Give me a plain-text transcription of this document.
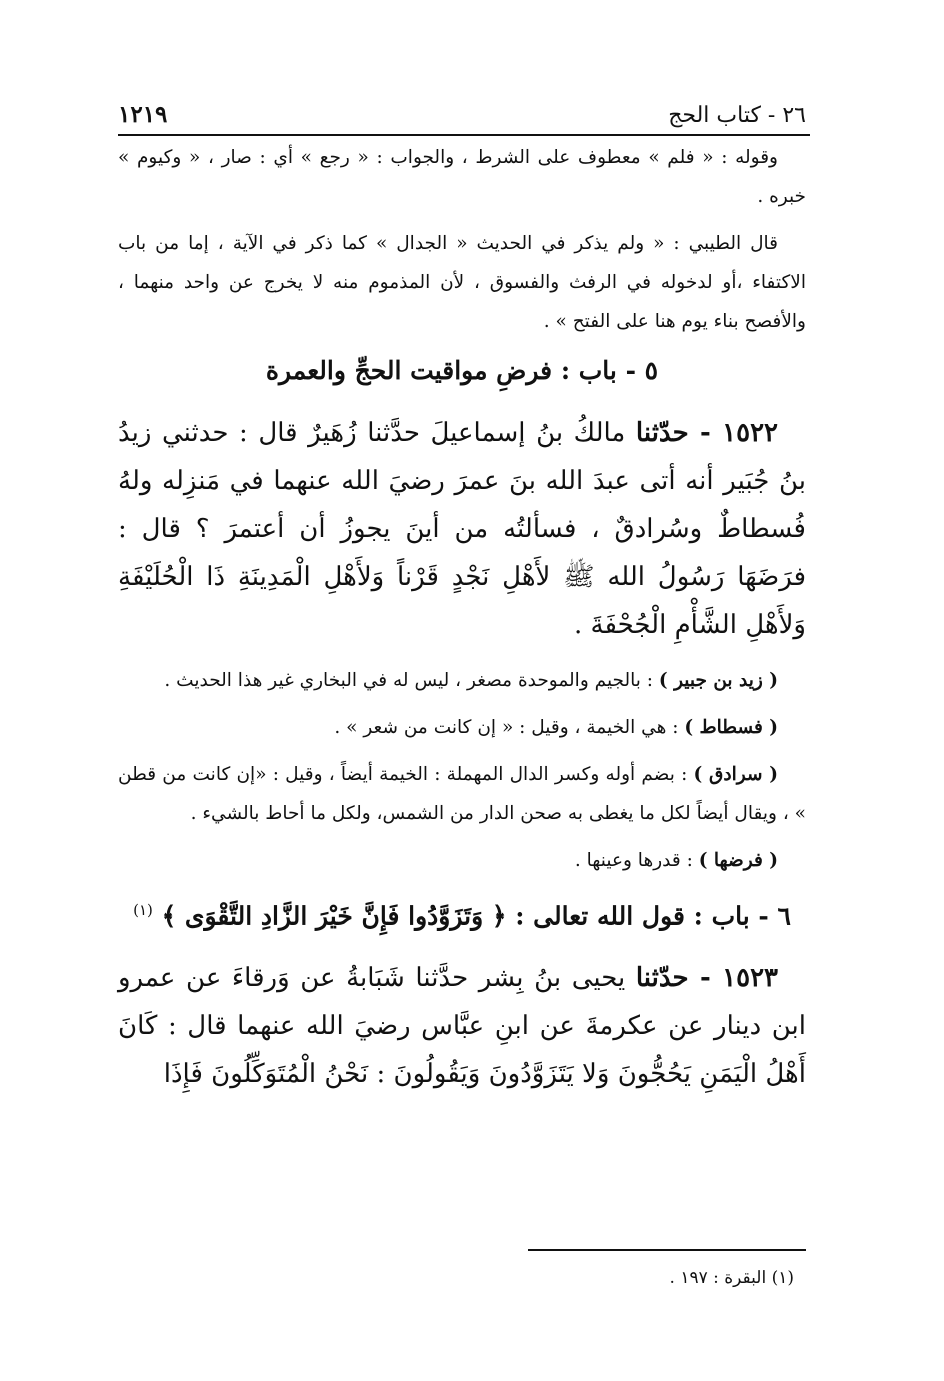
٢٦ - كتاب الحج
١٢١٩

وقوله : « فلم » معطوف على الشرط ، والجواب : « رجع » أي : صار ، « وكيوم » خبره .

قال الطيبي : « ولم يذكر في الحديث « الجدال » كما ذكر في الآية ، إما من باب الاكتفاء ،أو لدخوله في الرفث والفسوق ، لأن المذموم منه لا يخرج عن واحد منهما ، والأفصح بناء يوم هنا على الفتح » .

٥ - باب : فرضِ مواقيت الحجِّ والعمرة

١٥٢٢ - حدّثنا مالكُ بنُ إسماعيلَ حدَّثنا زُهَيرٌ قال : حدثني زيدُ بنُ جُبَير أنه أتى عبدَ الله بنَ عمرَ رضيَ الله عنهما في مَنزِله ولهُ فُسطاطٌ وسُرادقٌ ، فسألتُه من أينَ يجوزُ أن أعتمرَ ؟ قال : فرَضَهَا رَسُولُ الله ﷺ لأَهْلِ نَجْدٍ قَرْناً وَلأَهْلِ الْمَدِينَةِ ذَا الْحُلَيْفَةِ وَلأَهْلِ الشَّأْمِ الْجُحْفَةَ .

( زيد بن جبير ) : بالجيم والموحدة مصغر ، ليس له في البخاري غير هذا الحديث .

( فسطاط ) : هي الخيمة ، وقيل : « إن كانت من شعر » .

( سرادق ) : بضم أوله وكسر الدال المهملة : الخيمة أيضاً ، وقيل : «إن كانت من قطن » ، ويقال أيضاً لكل ما يغطى به صحن الدار من الشمس، ولكل ما أحاط بالشيء .

( فرضها ) : قدرها وعينها .

٦ - باب : قول الله تعالى : ﴿ وَتَزَوَّدُوا فَإِنَّ خَيْرَ الزَّادِ التَّقْوَى ﴾ $^{(١)}$

١٥٢٣ - حدّثنا يحيى بنُ بِشر حدَّثنا شَبَابةُ عن وَرقاءَ عن عمرو ابن دينار عن عكرمةَ عن ابنِ عبَّاس رضيَ الله عنهما قال : كَانَ أَهْلُ الْيَمَنِ يَحُجُّونَ وَلا يَتَزَوَّدُونَ وَيَقُولُونَ : نَحْنُ الْمُتَوَكِّلُونَ فَإِذَا

(١) البقرة : ١٩٧ .
